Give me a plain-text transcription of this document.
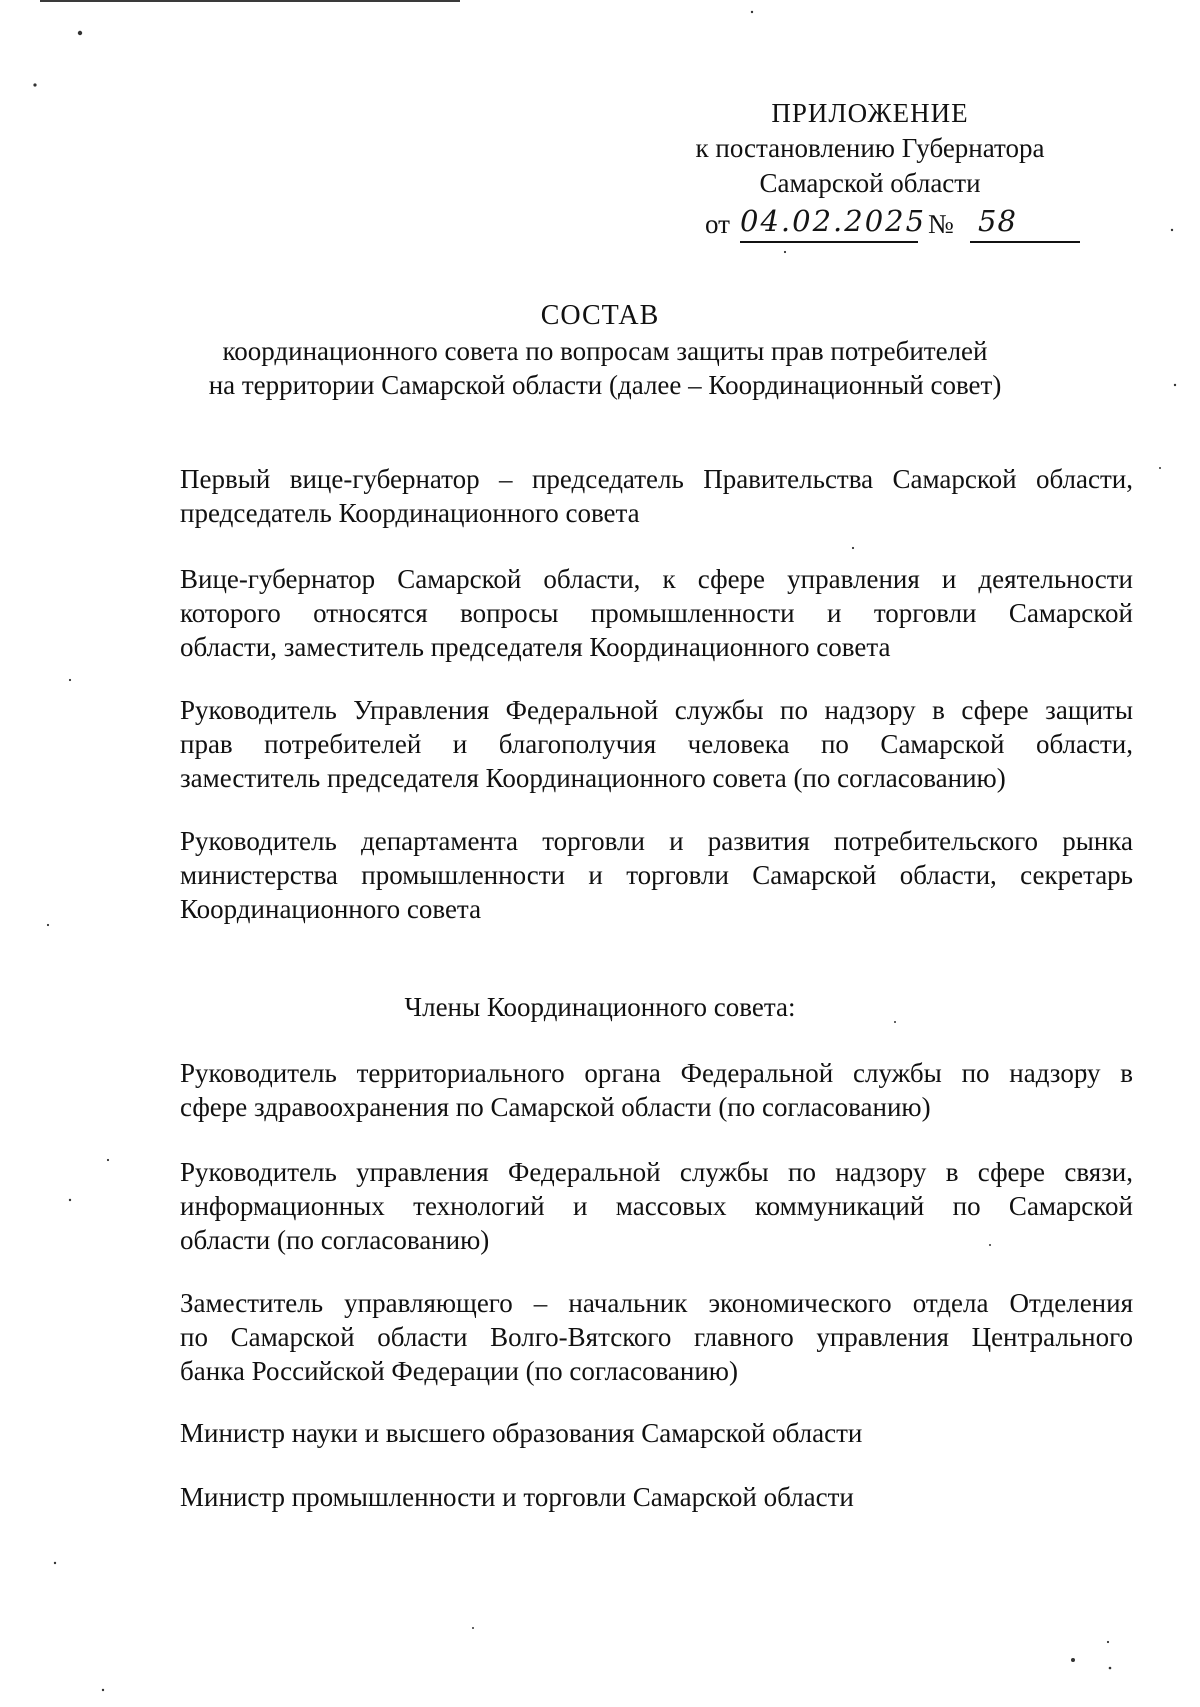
ПРИЛОЖЕНИЕ
к постановлению Губернатора
Самарской области
от 04.02.2025 № 58
СОСТАВ
координационного совета по вопросам защиты прав потребителей
на территории Самарской области (далее – Координационный совет)
Первый вице-губернатор – председатель Правительства Самарской области,
председатель Координационного совета
Вице-губернатор Самарской области, к сфере управления и деятельности
которого относятся вопросы промышленности и торговли Самарской
области, заместитель председателя Координационного совета
Руководитель Управления Федеральной службы по надзору в сфере защиты
прав потребителей и благополучия человека по Самарской области,
заместитель председателя Координационного совета (по согласованию)
Руководитель департамента торговли и развития потребительского рынка
министерства промышленности и торговли Самарской области, секретарь
Координационного совета
Члены Координационного совета:
Руководитель территориального органа Федеральной службы по надзору в
сфере здравоохранения по Самарской области (по согласованию)
Руководитель управления Федеральной службы по надзору в сфере связи,
информационных технологий и массовых коммуникаций по Самарской
области (по согласованию)
Заместитель управляющего – начальник экономического отдела Отделения
по Самарской области Волго-Вятского главного управления Центрального
банка Российской Федерации (по согласованию)
Министр науки и высшего образования Самарской области
Министр промышленности и торговли Самарской области
